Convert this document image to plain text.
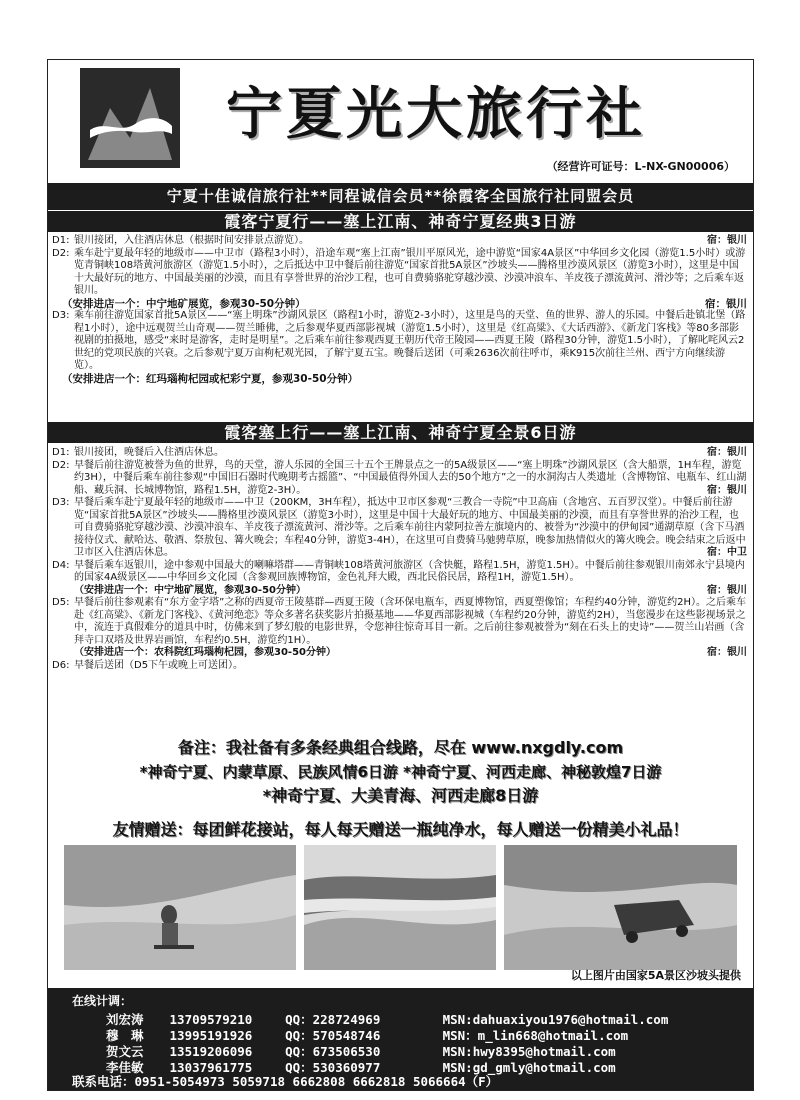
宁夏光大旅行社
（经营许可证号：L-NX-GN00006）
宁夏十佳诚信旅行社**同程诚信会员**徐霞客全国旅行社同盟会员
霞客宁夏行——塞上江南、神奇宁夏经典3日游
D1:	宿：银川
银川接团，入住酒店休息（根据时间安排景点游览）。
D2: 乘车赴宁夏最年轻的地级市——中卫市（路程3小时），沿途车观“塞上江南”银川平原风光，途中游览“国家4A景区”中华回乡文化园（游览1.5小时）或游览青铜峡108塔黄河旅游区（游览1.5小时），之后抵达中卫中餐后前往游览“国家首批5A景区”沙坡头——腾格里沙漠风景区（游览3小时），这里是中国十大最好玩的地方、中国最美丽的沙漠，而且有享誉世界的治沙工程，也可自费骑骆驼穿越沙漠、沙漠冲浪车、羊皮筏子漂流黄河、滑沙等；之后乘车返银川。
宿：银川
（安排进店一个：中宁地矿展览，参观30-50分钟）
D3: 乘车前往游览国家首批5A景区——“塞上明珠”沙湖风景区（路程1小时，游览2-3小时），这里是鸟的天堂、鱼的世界、游人的乐园。中餐后赴镇北堡（路程1小时），途中远观贺兰山奇观——贺兰睡佛，之后参观华夏西部影视城（游览1.5小时），这里是《红高粱》、《大话西游》、《新龙门客栈》等80多部影视剧的拍摄地，感受“来时是游客，走时是明星”。之后乘车前往参观西夏王朝历代帝王陵园——西夏王陵（路程30分钟，游览1.5小时），了解叱咤风云2世纪的党项民族的兴衰。之后参观宁夏万亩枸杞观光园，了解宁夏五宝。晚餐后送团（可乘2636次前往呼市，乘K915次前往兰州、西宁方向继续游览）。
（安排进店一个：红玛瑙枸杞园或杞彩宁夏，参观30-50分钟）
霞客塞上行——塞上江南、神奇宁夏全景6日游
D1:	宿：银川
银川接团，晚餐后入住酒店休息。
D2: 早餐后前往游览被誉为鱼的世界，鸟的天堂，游人乐园的全国三十五个王牌景点之一的5A级景区——“塞上明珠”沙湖风景区（含大船票，1H车程，游览约3H），中餐后乘车前往参观“中国旧石器时代晚期考古摇篮”、“中国最值得外国人去的50个地方”之一的水洞沟古人类遗址（含博物馆、电瓶车、红山湖船、藏兵洞、长城博物馆，路程1.5H，游览2-3H）。	宿：银川
D3: 早餐后乘车赴宁夏最年轻的地级市——中卫（200KM，3H车程），抵达中卫市区参观“三教合一寺院”中卫高庙（含地宫、五百罗汉堂）。中餐后前往游览“国家首批5A景区”沙坡头——腾格里沙漠风景区（游览3小时），这里是中国十大最好玩的地方、中国最美丽的沙漠，而且有享誉世界的治沙工程，也可自费骑骆驼穿越沙漠、沙漠冲浪车、羊皮筏子漂流黄河、滑沙等。之后乘车前往内蒙阿拉善左旗境内的、被誉为“沙漠中的伊甸园”通湖草原（含下马酒接待仪式、献哈达、敬酒、祭敖包、篝火晚会；车程40分钟，游览3-4H），在这里可自费骑马驰骋草原，晚参加热情似火的篝火晚会。晚会结束之后返中卫市区入住酒店休息。	宿：中卫
D4: 早餐后乘车返银川，途中参观中国最大的喇嘛塔群——青铜峡108塔黄河旅游区（含快艇，路程1.5H，游览1.5H）。中餐后前往参观银川南郊永宁县境内的国家4A级景区——中华回乡文化园（含参观回族博物馆，金色礼拜大殿，西北民俗民居，路程1H，游览1.5H）。
宿：银川
（安排进店一个：中宁地矿展览，参观30-50分钟）
D5: 早餐后前往参观素有“东方金字塔”之称的西夏帝王陵墓群—西夏王陵（含环保电瓶车，西夏博物馆，西夏塑像馆；车程约40分钟，游览约2H）。之后乘车赴《红高粱》、《新龙门客栈》、《黄河绝恋》等众多著名获奖影片拍摄基地——华夏西部影视城（车程约20分钟，游览约2H），当您漫步在这些影视场景之中，流连于真假难分的道具中时，仿佛来到了梦幻般的电影世界，令您神往惊奇耳目一新。之后前往参观被誉为“刻在石头上的史诗”——贺兰山岩画（含拜寺口双塔及世界岩画馆，车程约0.5H，游览约1H）。
宿：银川
（安排进店一个：农科院红玛瑙枸杞园，参观30-50分钟）
D6: 早餐后送团（D5下午或晚上可送团）。
备注：我社备有多条经典组合线路，尽在 www.nxgdly.com
*神奇宁夏、内蒙草原、民族风情6日游 *神奇宁夏、河西走廊、神秘敦煌7日游
*神奇宁夏、大美青海、河西走廊8日游
友情赠送：每团鲜花接站，每人每天赠送一瓶纯净水，每人赠送一份精美小礼品！
以上图片由国家5A景区沙坡头提供
在线计调：
刘宏涛 13709579210	QQ：228724969	MSN:dahuaxiyou1976@hotmail.com
穆　琳 13995191926	QQ：570548746	MSN：m_lin668@hotmail.com
贺文云 13519206096	QQ：673506530	MSN:hwy8395@hotmail.com
李佳敏 13037961775	QQ：530360977	MSN:gd_gmly@hotmail.com
联系电话：0951-5054973 5059718 6662808 6662818 5066664（F）
